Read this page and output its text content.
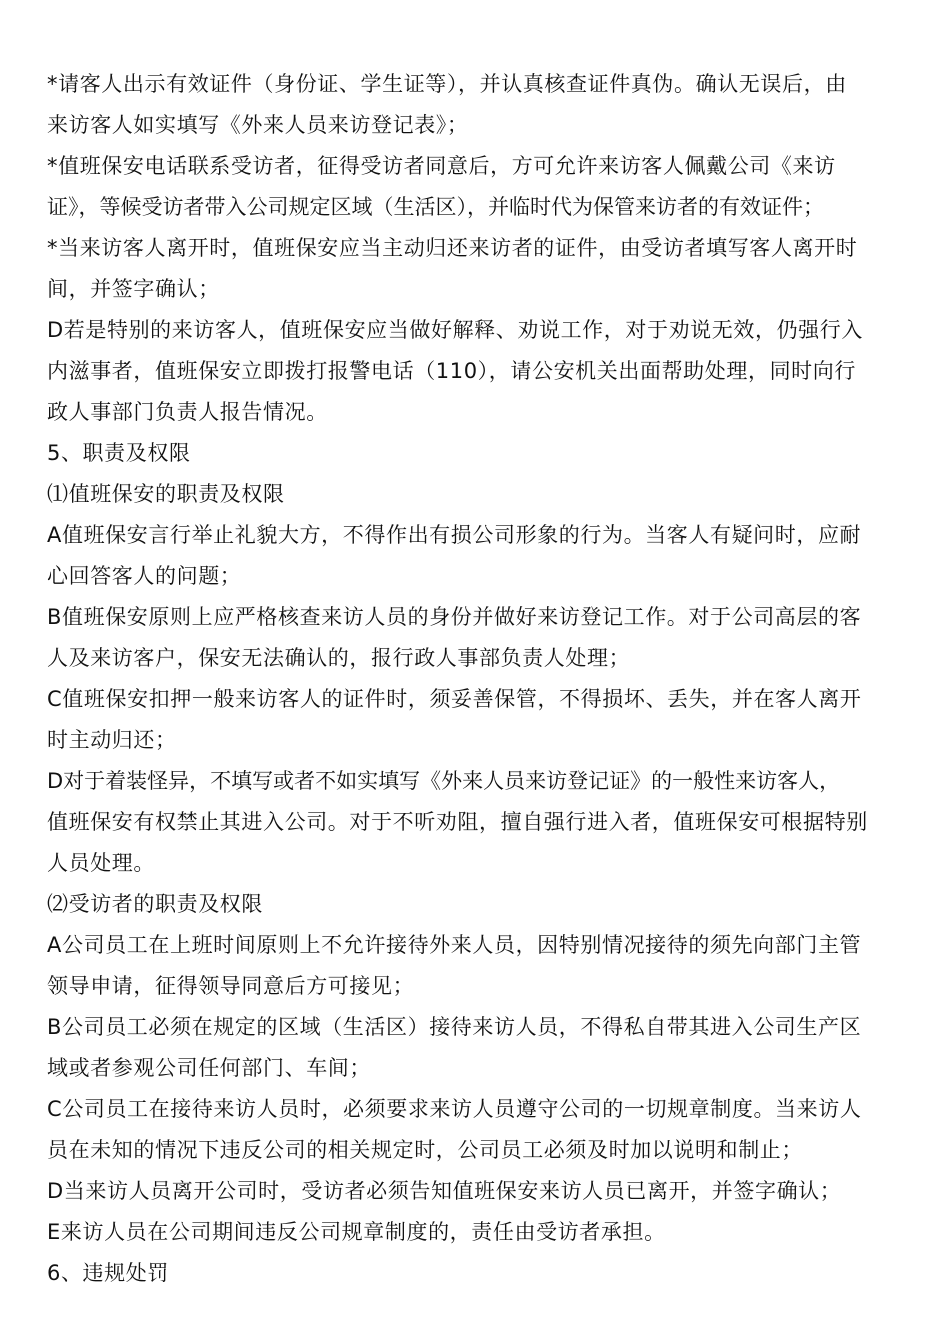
*请客人出示有效证件（身份证、学生证等），并认真核查证件真伪。确认无误后，由
来访客人如实填写《外来人员来访登记表》；
*值班保安电话联系受访者，征得受访者同意后，方可允许来访客人佩戴公司《来访
证》，等候受访者带入公司规定区域（生活区），并临时代为保管来访者的有效证件；
*当来访客人离开时，值班保安应当主动归还来访者的证件，由受访者填写客人离开时
间，并签字确认；
D若是特别的来访客人，值班保安应当做好解释、劝说工作，对于劝说无效，仍强行入
内滋事者，值班保安立即拨打报警电话（110），请公安机关出面帮助处理，同时向行
政人事部门负责人报告情况。
5、职责及权限
⑴值班保安的职责及权限
A值班保安言行举止礼貌大方，不得作出有损公司形象的行为。当客人有疑问时，应耐
心回答客人的问题；
B值班保安原则上应严格核查来访人员的身份并做好来访登记工作。对于公司高层的客
人及来访客户，保安无法确认的，报行政人事部负责人处理；
C值班保安扣押一般来访客人的证件时，须妥善保管，不得损坏、丢失，并在客人离开
时主动归还；
D对于着装怪异，不填写或者不如实填写《外来人员来访登记证》的一般性来访客人，
值班保安有权禁止其进入公司。对于不听劝阻，擅自强行进入者，值班保安可根据特别
人员处理。
⑵受访者的职责及权限
A公司员工在上班时间原则上不允许接待外来人员，因特别情况接待的须先向部门主管
领导申请，征得领导同意后方可接见；
B公司员工必须在规定的区域（生活区）接待来访人员，不得私自带其进入公司生产区
域或者参观公司任何部门、车间；
C公司员工在接待来访人员时，必须要求来访人员遵守公司的一切规章制度。当来访人
员在未知的情况下违反公司的相关规定时，公司员工必须及时加以说明和制止；
D当来访人员离开公司时，受访者必须告知值班保安来访人员已离开，并签字确认；
E来访人员在公司期间违反公司规章制度的，责任由受访者承担。
6、违规处罚
